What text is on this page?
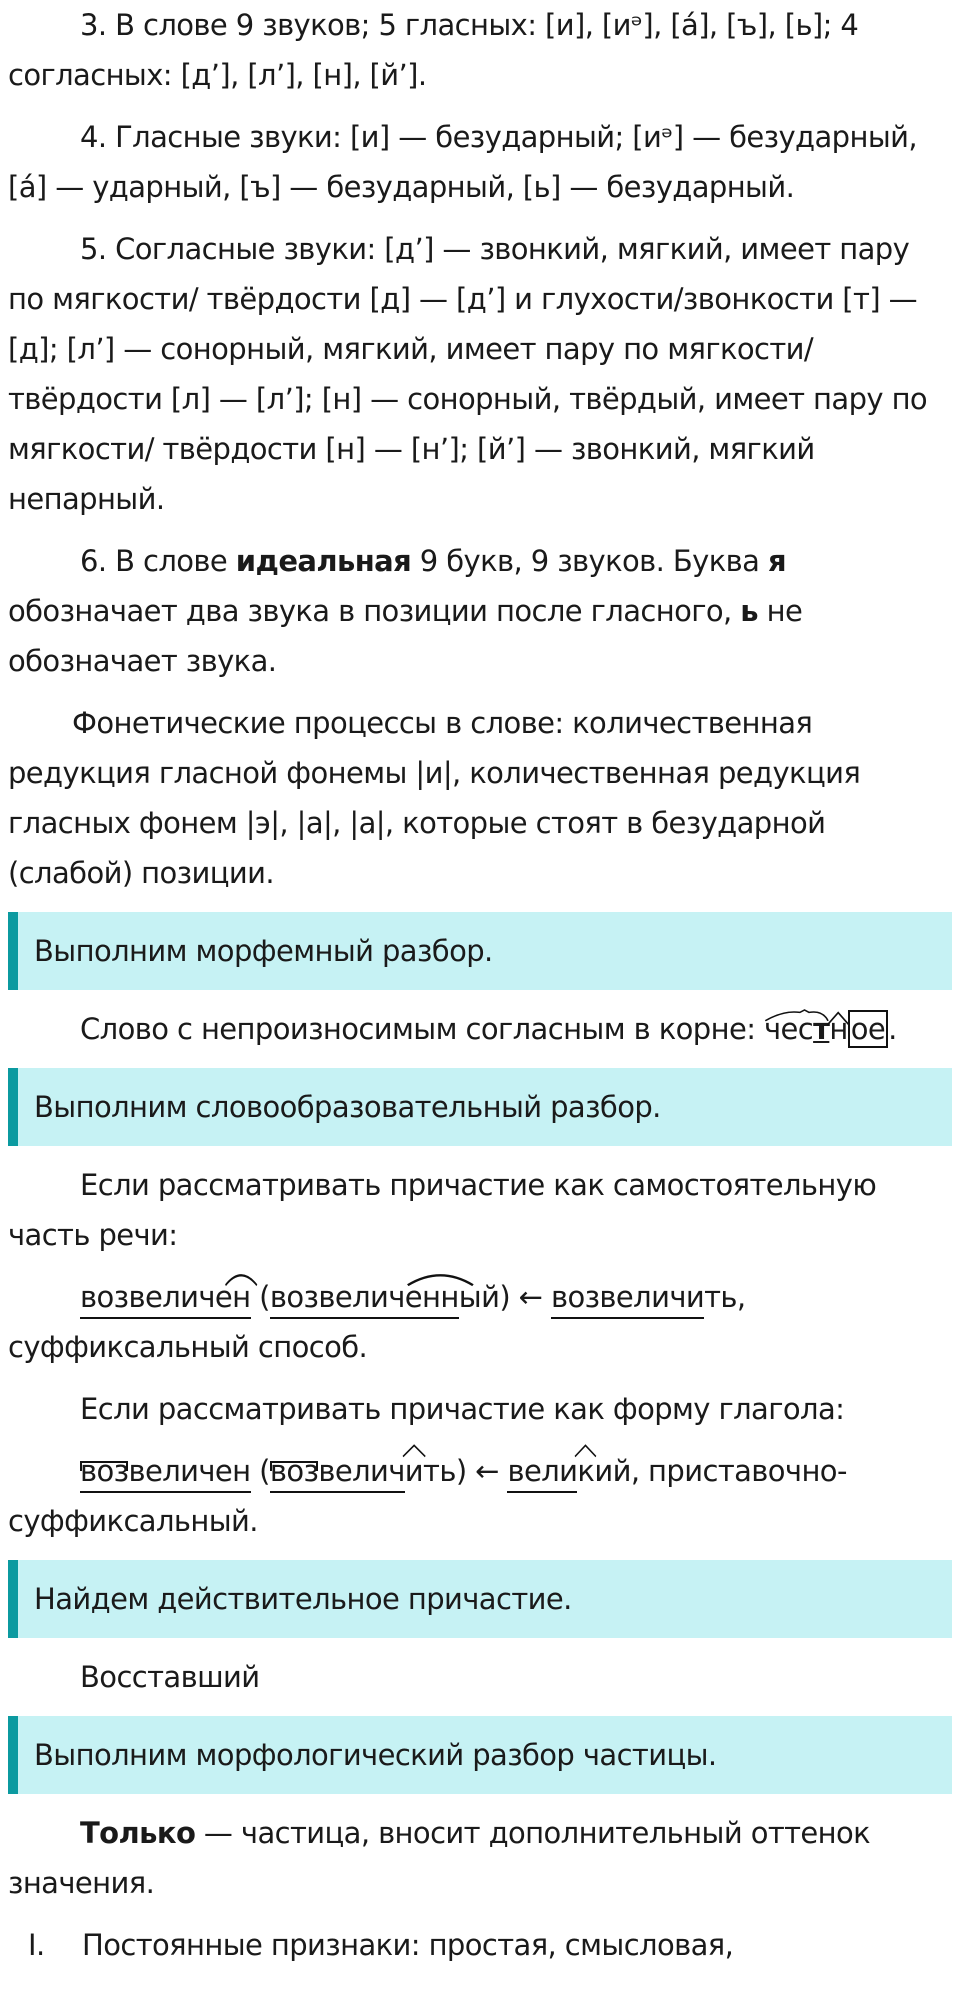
3. В слове 9 звуков; 5 гласных: [и], [иᵊ], [а́], [ъ], [ь]; 4 согласных: [д’], [л’], [н], [й’].

4. Гласные звуки: [и] — безударный; [иᵊ] — безударный, [а́] — ударный, [ъ] — безударный, [ь] — безударный.

5. Согласные звуки: [д’] — звонкий, мягкий, имеет пару по мягкости/ твёрдости [д] — [д’] и глухости/звонкости [т] — [д]; [л’] — сонорный, мягкий, имеет пару по мягкости/ твёрдости [л] — [л’]; [н] — сонорный, твёрдый, имеет пару по мягкости/ твёрдости [н] — [н’]; [й’] — звонкий, мягкий непарный.

6. В слове идеальная 9 букв, 9 звуков. Буква я обозначает два звука в позиции после гласного, ь не обозначает звука.

Фонетические процессы в слове: количественная редукция гласной фонемы |и|, количественная редукция гласных фонем |э|, |а|, |а|, которые стоят в безударной (слабой) позиции.

Выполним морфемный разбор.

Слово с непроизносимым согласным в корне:
чест
н ое .

Выполним словообразовательный разбор.

Если рассматривать причастие как самостоятельную часть речи:

возвеличе
н (возвеличе
нный) ← возвеличить,
суффиксальный способ.

Если рассматривать причастие как форму глагола:

возвеличен (
возвелич
ить) ← вели
кий, приставочно-
суффиксальный.

Найдем действительное причастие.

Восставший

Выполним морфологический разбор частицы.

Только — частица, вносит дополнительный оттенок значения.

I. Постоянные признаки: простая, смысловая,
